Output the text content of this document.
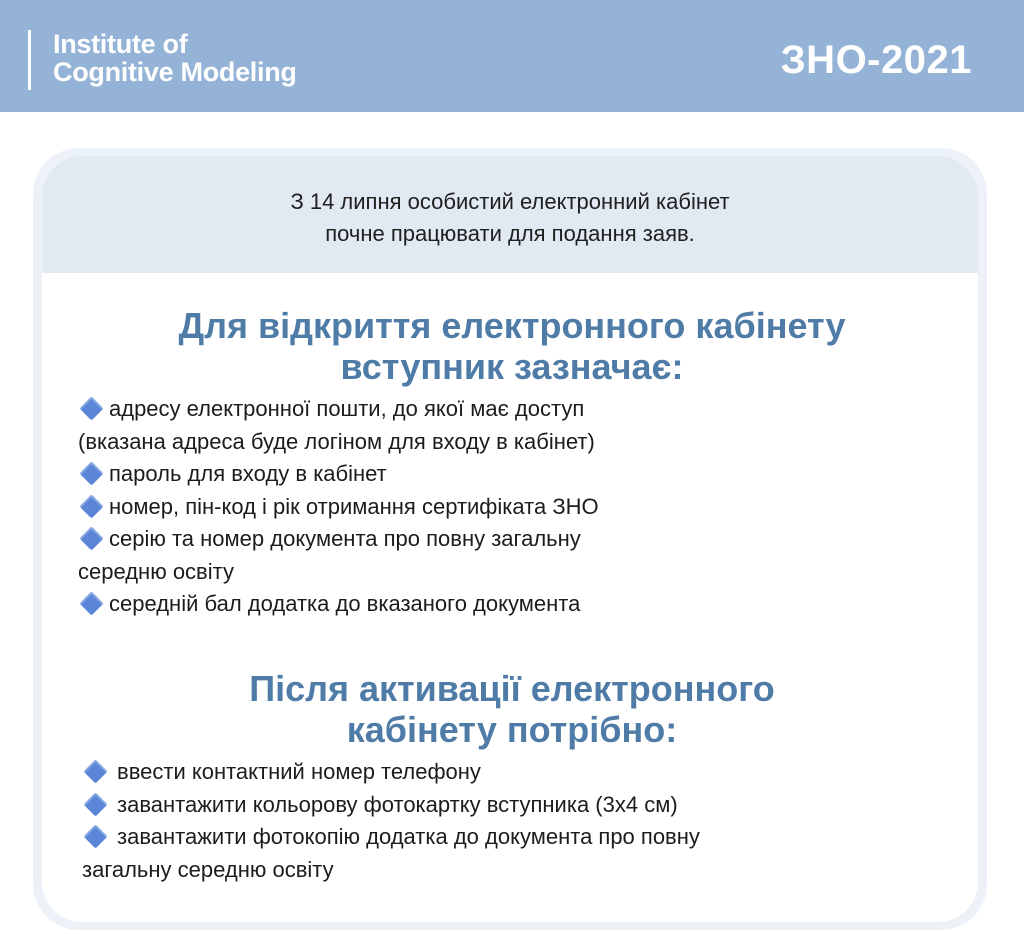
Institute of
Cognitive Modeling	ЗНО-2021
З 14 липня особистий електронний кабінет
почне працювати для подання заяв.
Для відкриття електронного кабінету
вступник зазначає:
адресу електронної пошти, до якої має доступ
(вказана адреса буде логіном для входу в кабінет)
пароль для входу в кабінет
номер, пін-код і рік отримання сертифіката ЗНО
серію та номер документа про повну загальну
середню освіту
середній бал додатка до вказаного документа
Після активації електронного
кабінету потрібно:
ввести контактний номер телефону
завантажити кольорову фотокартку вступника (3х4 см)
завантажити фотокопію додатка до документа про повну
загальну середню освіту
